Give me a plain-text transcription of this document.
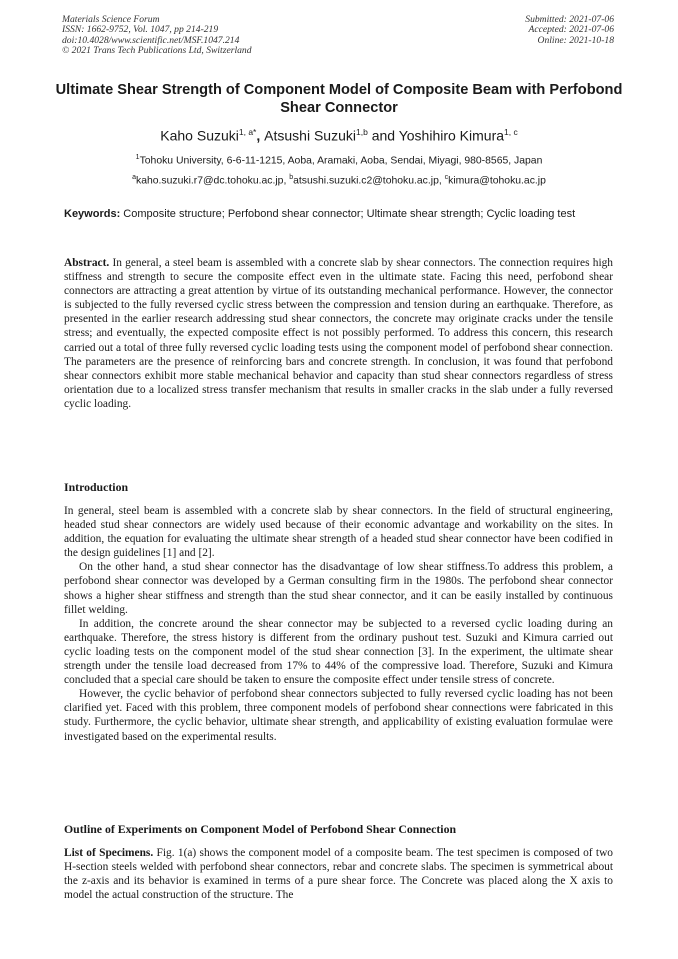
Materials Science Forum
ISSN: 1662-9752, Vol. 1047, pp 214-219
doi:10.4028/www.scientific.net/MSF.1047.214
© 2021 Trans Tech Publications Ltd, Switzerland
Submitted: 2021-07-06
Accepted: 2021-07-06
Online: 2021-10-18
Ultimate Shear Strength of Component Model of Composite Beam with Perfobond Shear Connector
Kaho Suzuki$^{1, a*}$, Atsushi Suzuki$^{1,b}$ and Yoshihiro Kimura$^{1, c}$
$^1$Tohoku University, 6-6-11-1215, Aoba, Aramaki, Aoba, Sendai, Miyagi, 980-8565, Japan
$^a$kaho.suzuki.r7@dc.tohoku.ac.jp, $^b$atsushi.suzuki.c2@tohoku.ac.jp, $^c$kimura@tohoku.ac.jp
Keywords: Composite structure; Perfobond shear connector; Ultimate shear strength; Cyclic loading test

Abstract. In general, a steel beam is assembled with a concrete slab by shear connectors. The connection requires high stiffness and strength to secure the composite effect even in the ultimate state. Facing this need, perfobond shear connectors are attracting a great attention by virtue of its outstanding mechanical performance. However, the connector is subjected to the fully reversed cyclic stress between the compression and tension during an earthquake. Therefore, as presented in the earlier research addressing stud shear connectors, the concrete may originate cracks under the tensile stress; and eventually, the expected composite effect is not possibly performed. To address this concern, this research carried out a total of three fully reversed cyclic loading tests using the component model of perfobond shear connection. The parameters are the presence of reinforcing bars and concrete strength. In conclusion, it was found that perfobond shear connectors exhibit more stable mechanical behavior and capacity than stud shear connectors regardless of stress orientation due to a localized stress transfer mechanism that results in smaller cracks in the slab under a fully reversed cyclic loading.

Introduction

In general, steel beam is assembled with a concrete slab by shear connectors. In the field of structural engineering, headed stud shear connectors are widely used because of their economic advantage and workability on the sites. In addition, the equation for evaluating the ultimate shear strength of a headed stud shear connector have been codified in the design guidelines [1] and [2].

On the other hand, a stud shear connector has the disadvantage of low shear stiffness.To address this problem, a perfobond shear connector was developed by a German consulting firm in the 1980s. The perfobond shear connector shows a higher shear stiffness and strength than the stud shear connector, and it can be easily installed by continuous fillet welding.

In addition, the concrete around the shear connector may be subjected to a reversed cyclic loading during an earthquake. Therefore, the stress history is different from the ordinary pushout test. Suzuki and Kimura carried out cyclic loading tests on the component model of the stud shear connection [3]. In the experiment, the ultimate shear strength under the tensile load decreased from 17% to 44% of the compressive load. Therefore, Suzuki and Kimura concluded that a special care should be taken to ensure the composite effect under tensile stress of concrete.

However, the cyclic behavior of perfobond shear connectors subjected to fully reversed cyclic loading has not been clarified yet. Faced with this problem, three component models of perfobond shear connections were fabricated in this study. Furthermore, the cyclic behavior, ultimate shear strength, and applicability of existing evaluation formulae were investigated based on the experimental results.

Outline of Experiments on Component Model of Perfobond Shear Connection

List of Specimens. Fig. 1(a) shows the component model of a composite beam. The test specimen is composed of two H-section steels welded with perfobond shear connectors, rebar and concrete slabs. The specimen is symmetrical about the z-axis and its behavior is examined in terms of a pure shear force. The Concrete was placed along the X axis to model the actual construction of the structure. The
